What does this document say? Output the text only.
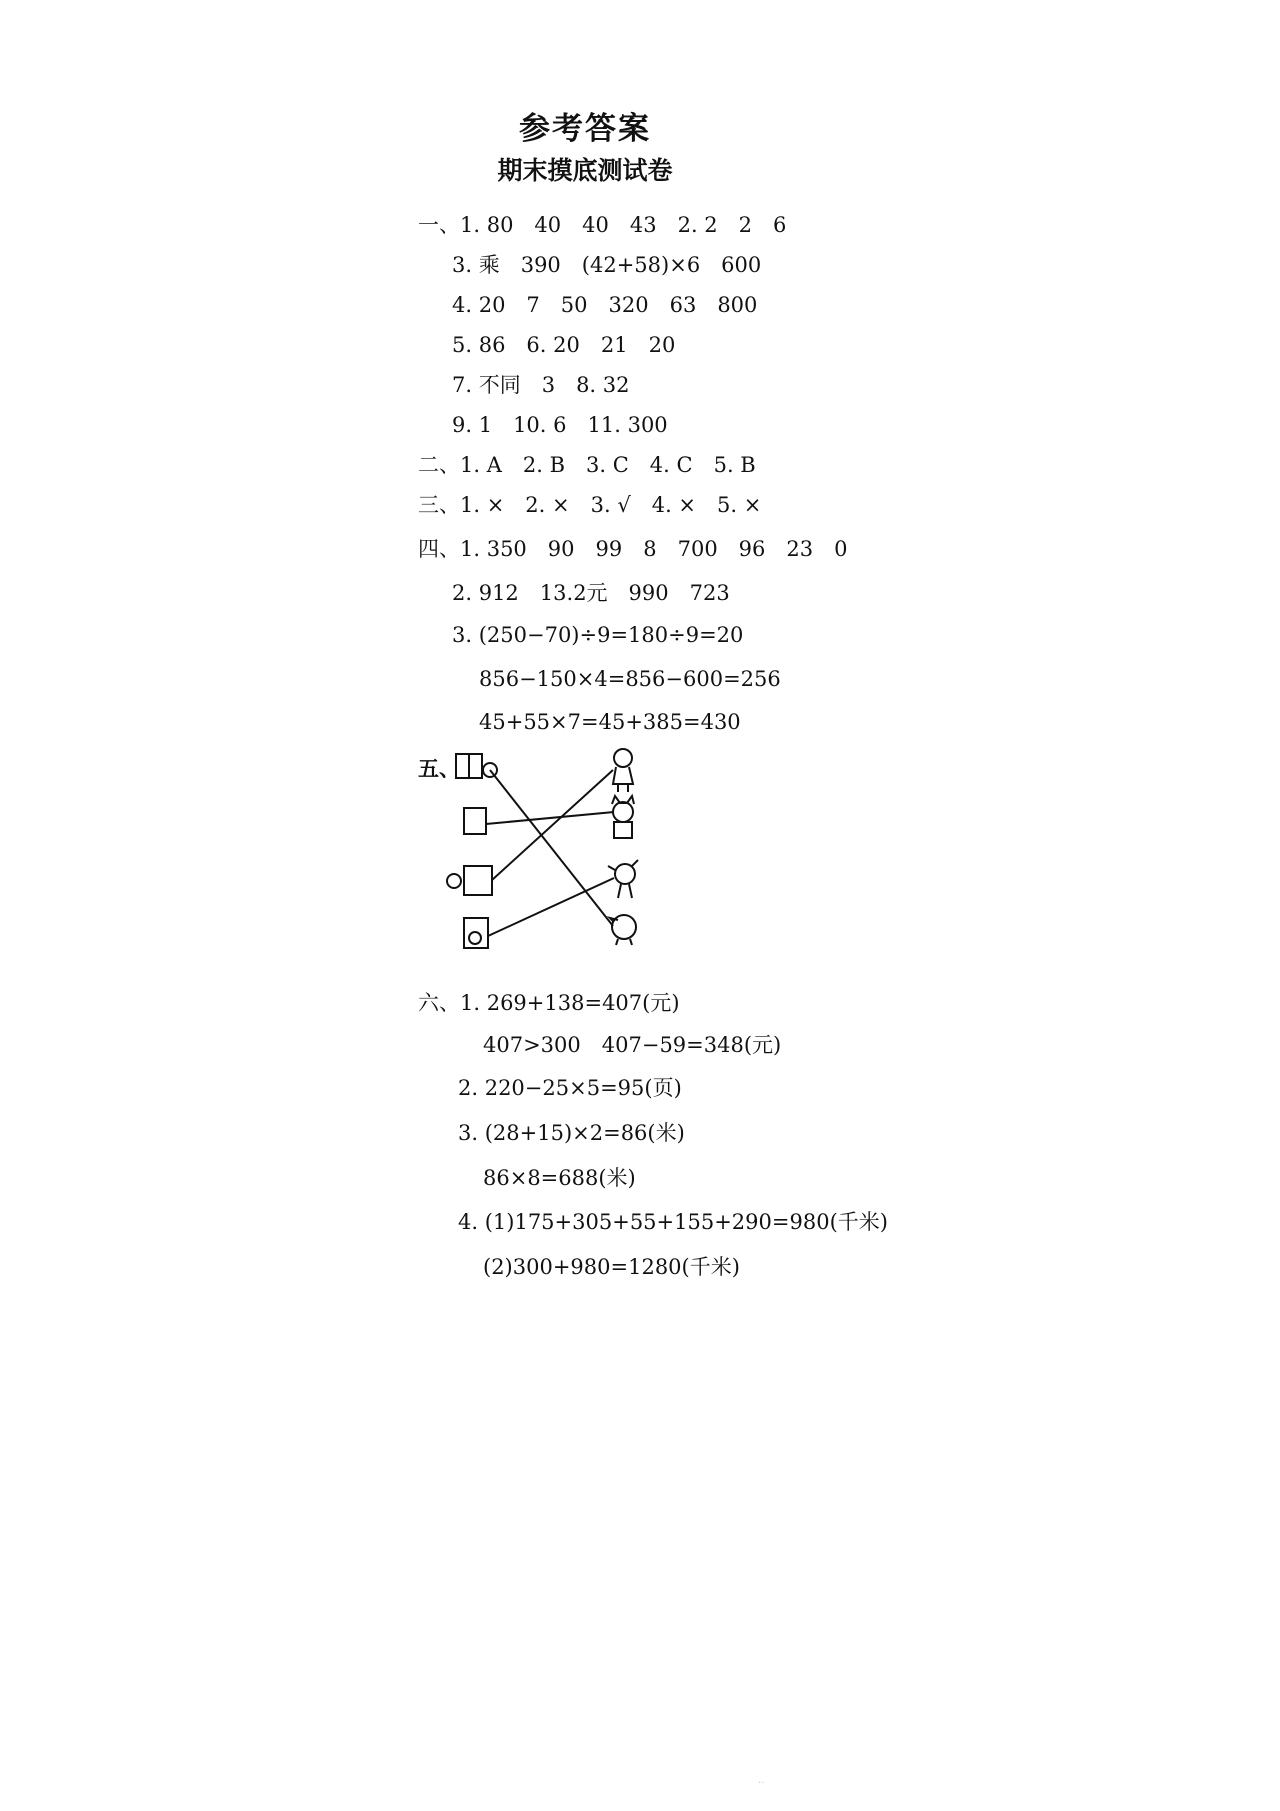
参考答案
期末摸底测试卷
一、1. 80　40　40　43　2. 2　2　6
3. 乘　390　(42+58)×6　600
4. 20　7　50　320　63　800
5. 86　6. 20　21　20
7. 不同　3　8. 32
9. 1　10. 6　11. 300
二、1. A　2. B　3. C　4. C　5. B
三、1. ×　2. ×　3. √　4. ×　5. ×
四、1. 350　90　99　8　700　96　23　0
2. 912　13.2元　990　723
3. (250−70)÷9=180÷9=20
856−150×4=856−600=256
45+55×7=45+385=430
五、
六、1. 269+138=407(元)
407>300　407−59=348(元)
2. 220−25×5=95(页)
3. (28+15)×2=86(米)
86×8=688(米)
4. (1)175+305+55+155+290=980(千米)
(2)300+980=1280(千米)
··
